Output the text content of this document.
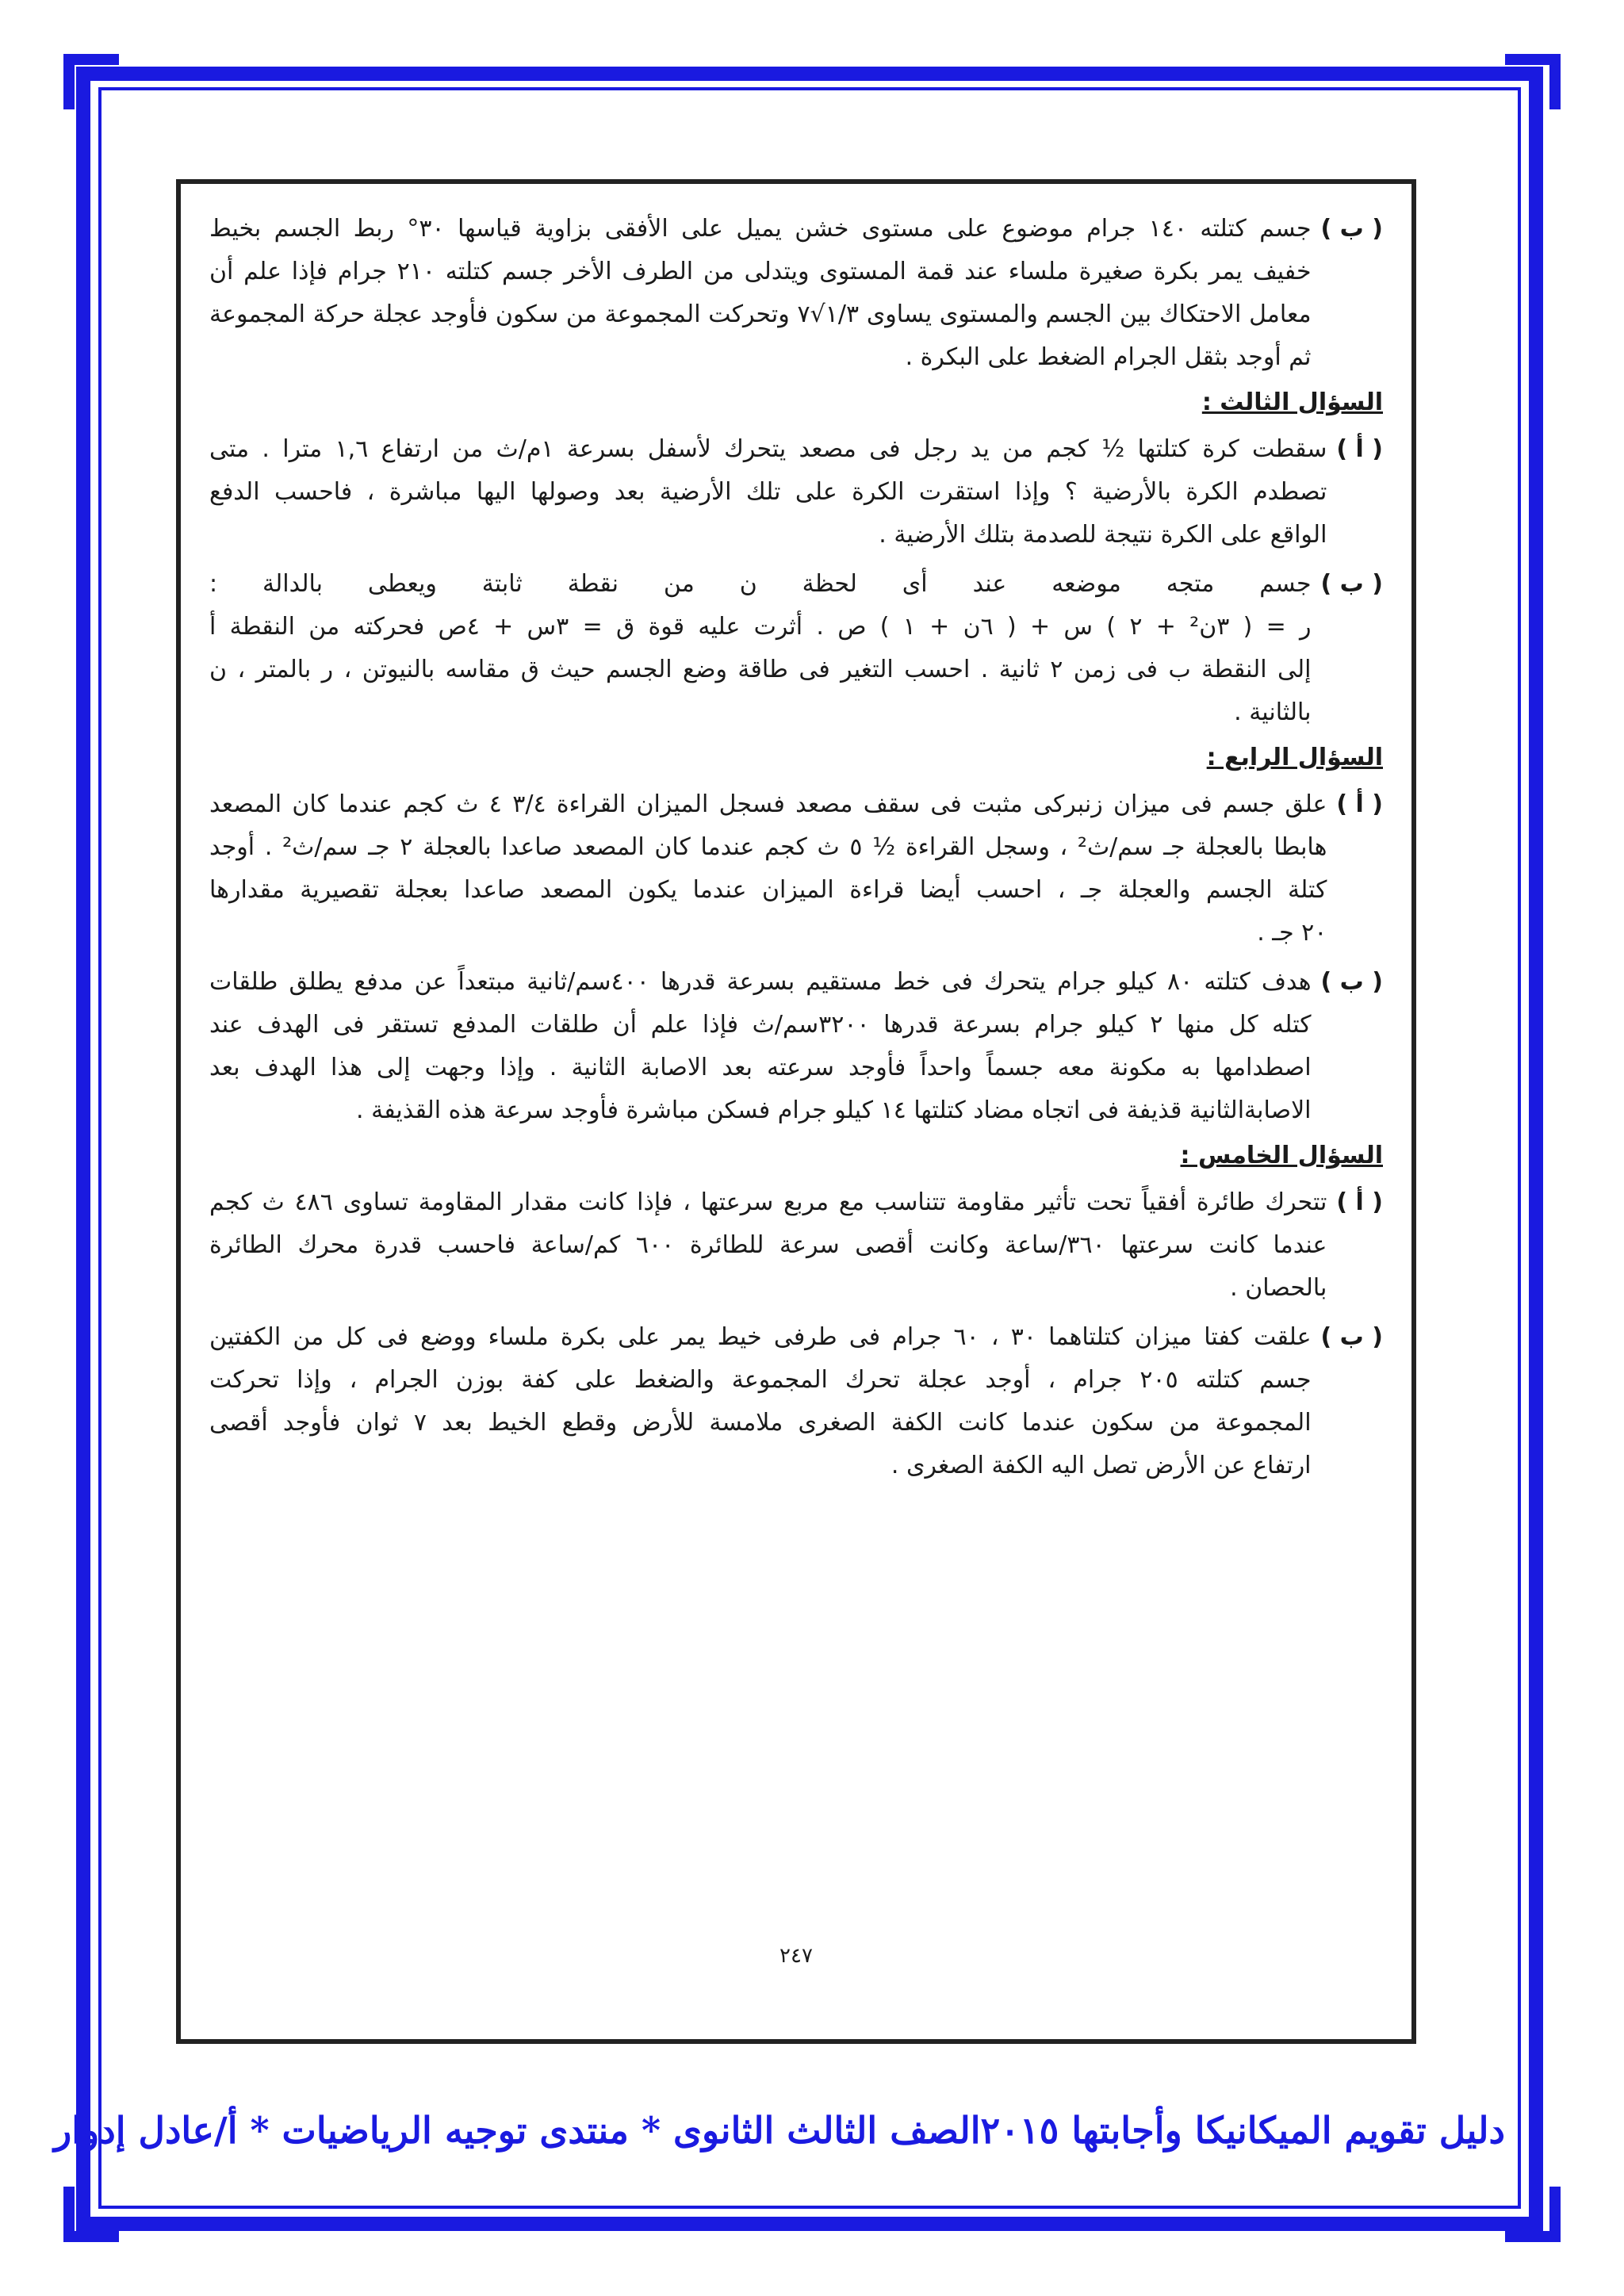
( ب )
جسم كتلته ١٤٠ جرام موضوع على مستوى خشن يميل على الأفقى بزاوية قياسها ٣٠° ربط الجسم بخيط
خفيف يمر بكرة صغيرة ملساء عند قمة المستوى ويتدلى من الطرف الأخر جسم كتلته ٢١٠ جرام فإذا علم أن
معامل الاحتكاك بين الجسم والمستوى يساوى ١/٣√٧ وتحركت المجموعة من سكون فأوجد عجلة حركة المجموعة
ثم أوجد بثقل الجرام الضغط على البكرة .
السؤال الثالث :
( أ )
سقطت كرة كتلتها ½ كجم من يد رجل فى مصعد يتحرك لأسفل بسرعة ١م/ث من ارتفاع ١,٦ مترا . متى
تصطدم الكرة بالأرضية ؟ وإذا استقرت الكرة على تلك الأرضية بعد وصولها اليها مباشرة ، فاحسب الدفع
الواقع على الكرة نتيجة للصدمة بتلك الأرضية .
( ب )
جسم متجه موضعه عند أى لحظة ن من نقطة ثابتة ويعطى بالدالة :
ر = ( ٣ن² + ٢ ) س + ( ٦ن + ١ ) ص . أثرت عليه قوة ق = ٣س + ٤ص فحركته من النقطة أ
إلى النقطة ب فى زمن ٢ ثانية . احسب التغير فى طاقة وضع الجسم حيث ق مقاسه بالنيوتن ، ر بالمتر ، ن
بالثانية .
السؤال الرابع :
( أ )
علق جسم فى ميزان زنبركى مثبت فى سقف مصعد فسجل الميزان القراءة ٣/٤ ٤ ث كجم عندما كان المصعد
هابطا بالعجلة جـ سم/ث² ، وسجل القراءة ½ ٥ ث كجم عندما كان المصعد صاعدا بالعجلة ٢ جـ سم/ث² . أوجد
كتلة الجسم والعجلة جـ ، احسب أيضا قراءة الميزان عندما يكون المصعد صاعدا بعجلة تقصيرية مقدارها
٢٠ جـ .
( ب )
هدف كتلته ٨٠ كيلو جرام يتحرك فى خط مستقيم بسرعة قدرها ٤٠٠سم/ثانية مبتعداً عن مدفع يطلق طلقات
كتله كل منها ٢ كيلو جرام بسرعة قدرها ٣٢٠٠سم/ث فإذا علم أن طلقات المدفع تستقر فى الهدف عند
اصطدامها به مكونة معه جسماً واحداً فأوجد سرعته بعد الاصابة الثانية . وإذا وجهت إلى هذا الهدف بعد
الاصابةالثانية قذيفة فى اتجاه مضاد كتلتها ١٤ كيلو جرام فسكن مباشرة فأوجد سرعة هذه القذيفة .
السؤال الخامس :
( أ )
تتحرك طائرة أفقياً تحت تأثير مقاومة تتناسب مع مربع سرعتها ، فإذا كانت مقدار المقاومة تساوى ٤٨٦ ث كجم
عندما كانت سرعتها ٣٦٠/ساعة وكانت أقصى سرعة للطائرة ٦٠٠ كم/ساعة فاحسب قدرة محرك الطائرة
بالحصان .
( ب )
علقت كفتا ميزان كتلتاهما ٣٠ ، ٦٠ جرام فى طرفى خيط يمر على بكرة ملساء ووضع فى كل من الكفتين
جسم كتلته ٢٠٥ جرام ، أوجد عجلة تحرك المجموعة والضغط على كفة بوزن الجرام ، وإذا تحركت
المجموعة من سكون عندما كانت الكفة الصغرى ملامسة للأرض وقطع الخيط بعد ٧ ثوان فأوجد أقصى
ارتفاع عن الأرض تصل اليه الكفة الصغرى .
٢٤٧
دليل تقويم الميكانيكا وأجابتها ٢٠١٥الصف الثالث الثانوى * منتدى توجيه الرياضيات * أ/عادل إدوار
